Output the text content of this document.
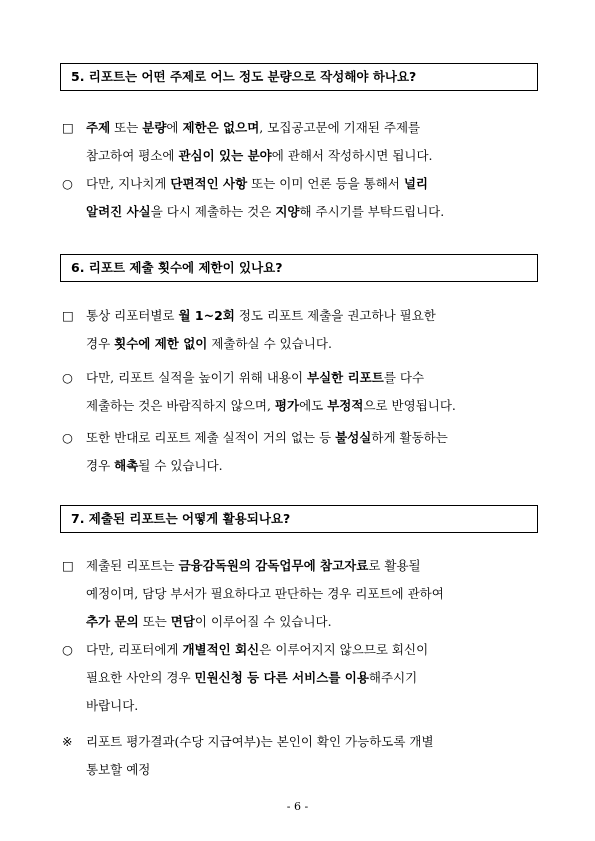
5. 리포트는 어떤 주제로 어느 정도 분량으로 작성해야 하나요?
□ 주제 또는 분량에 제한은 없으며, 모집공고문에 기재된 주제를
참고하여 평소에 관심이 있는 분야에 관해서 작성하시면 됩니다.
○	다만, 지나치게 단편적인 사항 또는 이미 언론 등을 통해서 널리
알려진 사실을 다시 제출하는 것은 지양해 주시기를 부탁드립니다.
6. 리포트 제출 횟수에 제한이 있나요?
□ 통상 리포터별로 월 1~2회 정도 리포트 제출을 권고하나 필요한
경우 횟수에 제한 없이 제출하실 수 있습니다.
○	다만, 리포트 실적을 높이기 위해 내용이 부실한 리포트를 다수
제출하는 것은 바람직하지 않으며, 평가에도 부정적으로 반영됩니다.
○	또한 반대로 리포트 제출 실적이 거의 없는 등 불성실하게 활동하는
경우 해촉될 수 있습니다.
7. 제출된 리포트는 어떻게 활용되나요?
□ 제출된 리포트는 금융감독원의 감독업무에 참고자료로 활용될
예정이며, 담당 부서가 필요하다고 판단하는 경우 리포트에 관하여
추가 문의 또는 면담이 이루어질 수 있습니다.
○	다만, 리포터에게 개별적인 회신은 이루어지지 않으므로 회신이
필요한 사안의 경우 민원신청 등 다른 서비스를 이용해주시기
바랍니다.
※	리포트 평가결과(수당 지급여부)는 본인이 확인 가능하도록 개별
통보할 예정
- 6 -
